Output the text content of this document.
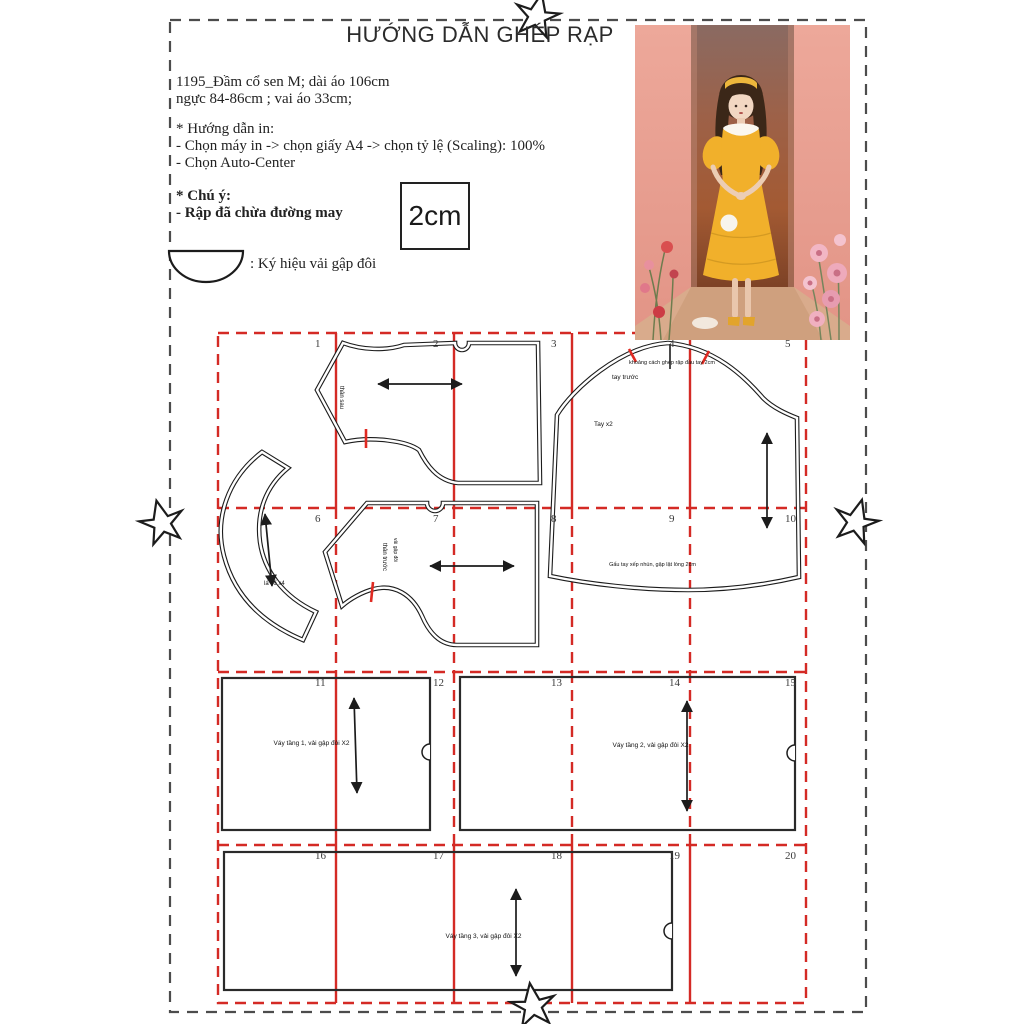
HƯỚNG DẪN GHÉP RẠP
1195_Đầm cổ sen M; dài áo 106cm
ngực 84-86cm ; vai áo 33cm;
* Hướng dẫn in:
- Chọn máy in -> chọn giấy A4 -> chọn tỷ lệ (Scaling): 100%
- Chọn Auto-Center
* Chú ý:
- Rập đã chừa đường may 2cm
: Ký hiệu vải gập đôi
thân sau
tay trước
Tay x2
khoảng cách ghép rập đầu tay 2cm
Gấu tay xếp nhún, gập lật lòng 2cm
lá cổ x4
thân trước vải gập đôi
Váy tầng 1, vải gập đôi X2	Váy tầng 2, vải gập đôi X2
Váy tầng 3, vải gập đôi X2
1	2	3	4	5
6	7	8	9	10
11	12	13	14	15
16	17	18	19	20
